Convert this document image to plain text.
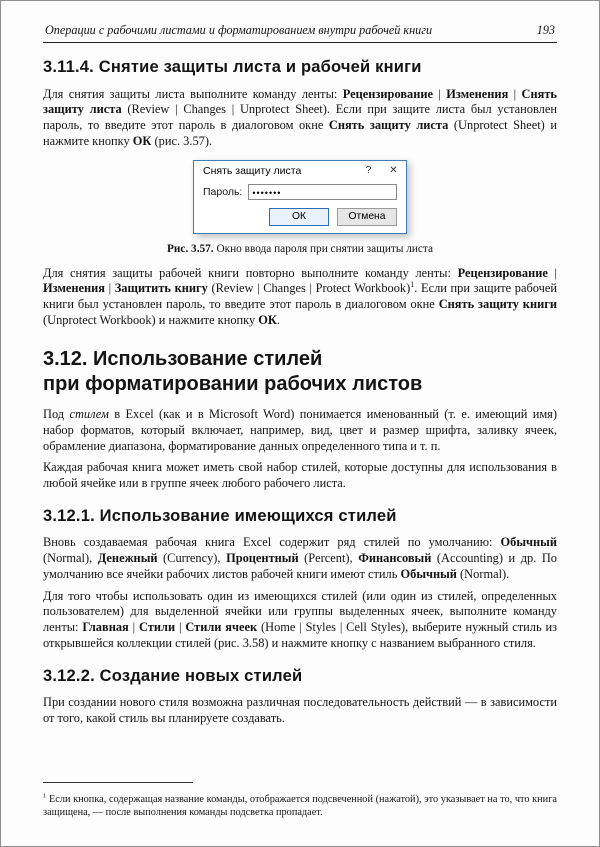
Операции с рабочими листами и форматированием внутри рабочей книги	193
3.11.4. Снятие защиты листа и рабочей книги

Для снятия защиты листа выполните команду ленты: Рецензирование | Изменения | Снять защиту листа (Review | Changes | Unprotect Sheet). Если при защите листа был установлен пароль, то введите этот пароль в диалоговом окне Снять защиту листа (Unprotect Sheet) и нажмите кнопку ОК (рис. 3.57).

Снять защиту листа	?	✕
Пароль:
•••••••
ОК	Отмена

Рис. 3.57. Окно ввода пароля при снятии защиты листа

Для снятия защиты рабочей книги повторно выполните команду ленты: Рецензирование | Изменения | Защитить книгу (Review | Changes | Protect Workbook)$^1$. Если при защите рабочей книги был установлен пароль, то введите этот пароль в диалоговом окне Снять защиту книги (Unprotect Workbook) и нажмите кнопку ОК.

3.12. Использование стилей
при форматировании рабочих листов

Под стилем в Excel (как и в Microsoft Word) понимается именованный (т. е. имеющий имя) набор форматов, который включает, например, вид, цвет и размер шрифта, заливку ячеек, обрамление диапазона, форматирование данных определенного типа и т. п.

Каждая рабочая книга может иметь свой набор стилей, которые доступны для использования в любой ячейке или в группе ячеек любого рабочего листа.

3.12.1. Использование имеющихся стилей

Вновь создаваемая рабочая книга Excel содержит ряд стилей по умолчанию: Обычный (Normal), Денежный (Currency), Процентный (Percent), Финансовый (Accounting) и др. По умолчанию все ячейки рабочих листов рабочей книги имеют стиль Обычный (Normal).

Для того чтобы использовать один из имеющихся стилей (или один из стилей, определенных пользователем) для выделенной ячейки или группы выделенных ячеек, выполните команду ленты: Главная | Стили | Стили ячеек (Home | Styles | Cell Styles), выберите нужный стиль из открывшейся коллекции стилей (рис. 3.58) и нажмите кнопку с названием выбранного стиля.

3.12.2. Создание новых стилей

При создании нового стиля возможна различная последовательность действий — в зависимости от того, какой стиль вы планируете создавать.

$^1$ Если кнопка, содержащая название команды, отображается подсвеченной (нажатой), это указывает на то, что книга защищена, — после выполнения команды подсветка пропадает.
